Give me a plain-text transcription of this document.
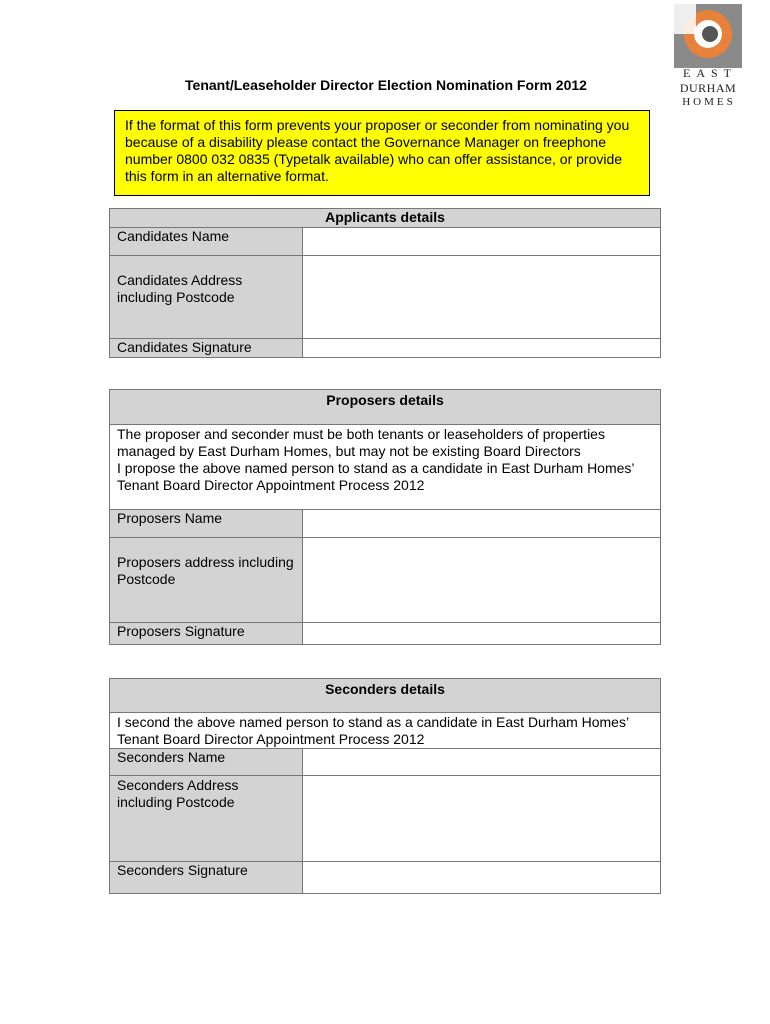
EAST
DURHAM
HOMES
Tenant/Leaseholder Director Election Nomination Form 2012
If the format of this form prevents your proposer or seconder from nominating you because of a disability please contact the Governance Manager on freephone number 0800 032 0835 (Typetalk available) who can offer assistance, or provide this form in an alternative format.
Applicants details	
Candidates Name	
Candidates Address including Postcode	
Candidates Signature	
Proposers details	

The proposer and seconder must be both tenants or leaseholders of properties managed by East Durham Homes, but may not be existing Board Directors
I propose the above named person to stand as a candidate in East Durham Homes’ Tenant Board Director Appointment Process 2012	

Proposers Name	
Proposers address including Postcode	
Proposers Signature	
Seconders details	
I second the above named person to stand as a candidate in East Durham Homes’ Tenant Board Director Appointment Process 2012	
Seconders Name	
Seconders Address including Postcode	
Seconders Signature	
